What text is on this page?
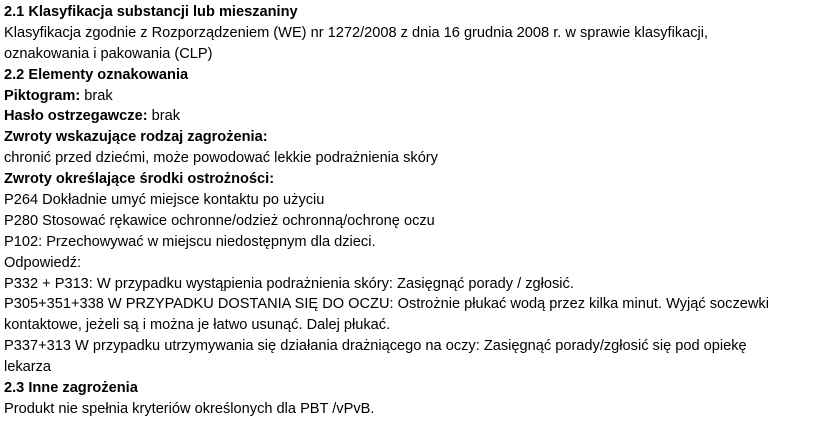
2.1 Klasyfikacja substancji lub mieszaniny
Klasyfikacja zgodnie z Rozporządzeniem (WE) nr 1272/2008 z dnia 16 grudnia 2008 r. w sprawie klasyfikacji,
oznakowania i pakowania (CLP)
2.2 Elementy oznakowania
Piktogram: brak
Hasło ostrzegawcze: brak
Zwroty wskazujące rodzaj zagrożenia:
chronić przed dziećmi, może powodować lekkie podrażnienia skóry
Zwroty określające środki ostrożności:
P264 Dokładnie umyć miejsce kontaktu po użyciu
P280 Stosować rękawice ochronne/odzież ochronną/ochronę oczu
P102: Przechowywać w miejscu niedostępnym dla dzieci.
Odpowiedź:
P332 + P313: W przypadku wystąpienia podrażnienia skóry: Zasięgnąć porady / zgłosić.
P305+351+338 W PRZYPADKU DOSTANIA SIĘ DO OCZU: Ostrożnie płukać wodą przez kilka minut. Wyjąć soczewki
kontaktowe, jeżeli są i można je łatwo usunąć. Dalej płukać.
P337+313 W przypadku utrzymywania się działania drażniącego na oczy: Zasięgnąć porady/zgłosić się pod opiekę
lekarza
2.3 Inne zagrożenia
Produkt nie spełnia kryteriów określonych dla PBT /vPvB.
